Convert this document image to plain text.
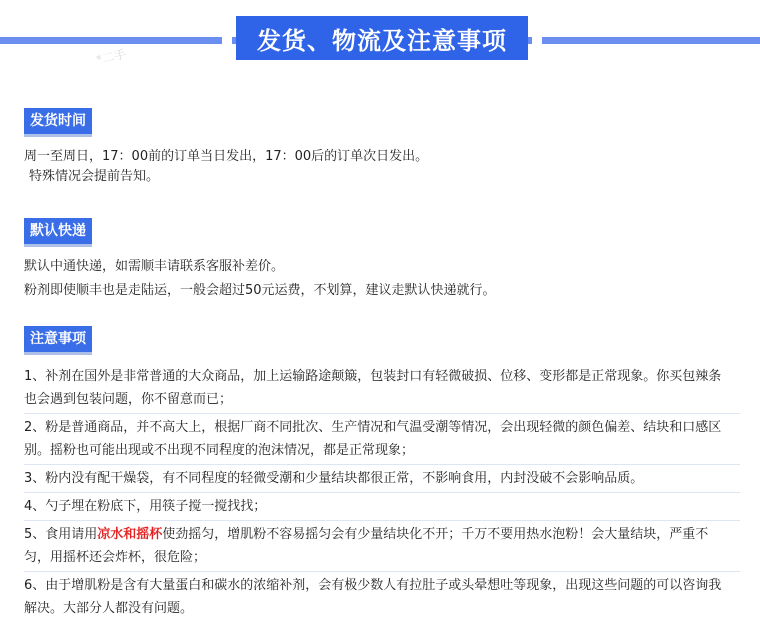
发货、物流及注意事项
*二手
发货时间

周一至周日，17：00前的订单当日发出，17：00后的订单次日发出。

特殊情况会提前告知。

默认快递

默认中通快递，如需顺丰请联系客服补差价。

粉剂即使顺丰也是走陆运，一般会超过50元运费，不划算，建议走默认快递就行。

注意事项
1、补剂在国外是非常普通的大众商品，加上运输路途颠簸，包装封口有轻微破损、位移、变形都是正常现象。你买包辣条也会遇到包装问题，你不留意而已；
2、粉是普通商品，并不高大上，根据厂商不同批次、生产情况和气温受潮等情况，会出现轻微的颜色偏差、结块和口感区别。摇粉也可能出现或不出现不同程度的泡沫情况，都是正常现象；
3、粉内没有配干燥袋，有不同程度的轻微受潮和少量结块都很正常，不影响食用，内封没破不会影响品质。
4、勺子埋在粉底下，用筷子搅一搅找找；
5、食用请用凉水和摇杯使劲摇匀，增肌粉不容易摇匀会有少量结块化不开；千万不要用热水泡粉！会大量结块，严重不匀，用摇杯还会炸杯，很危险；
6、由于增肌粉是含有大量蛋白和碳水的浓缩补剂，会有极少数人有拉肚子或头晕想吐等现象，出现这些问题的可以咨询我解决。大部分人都没有问题。
